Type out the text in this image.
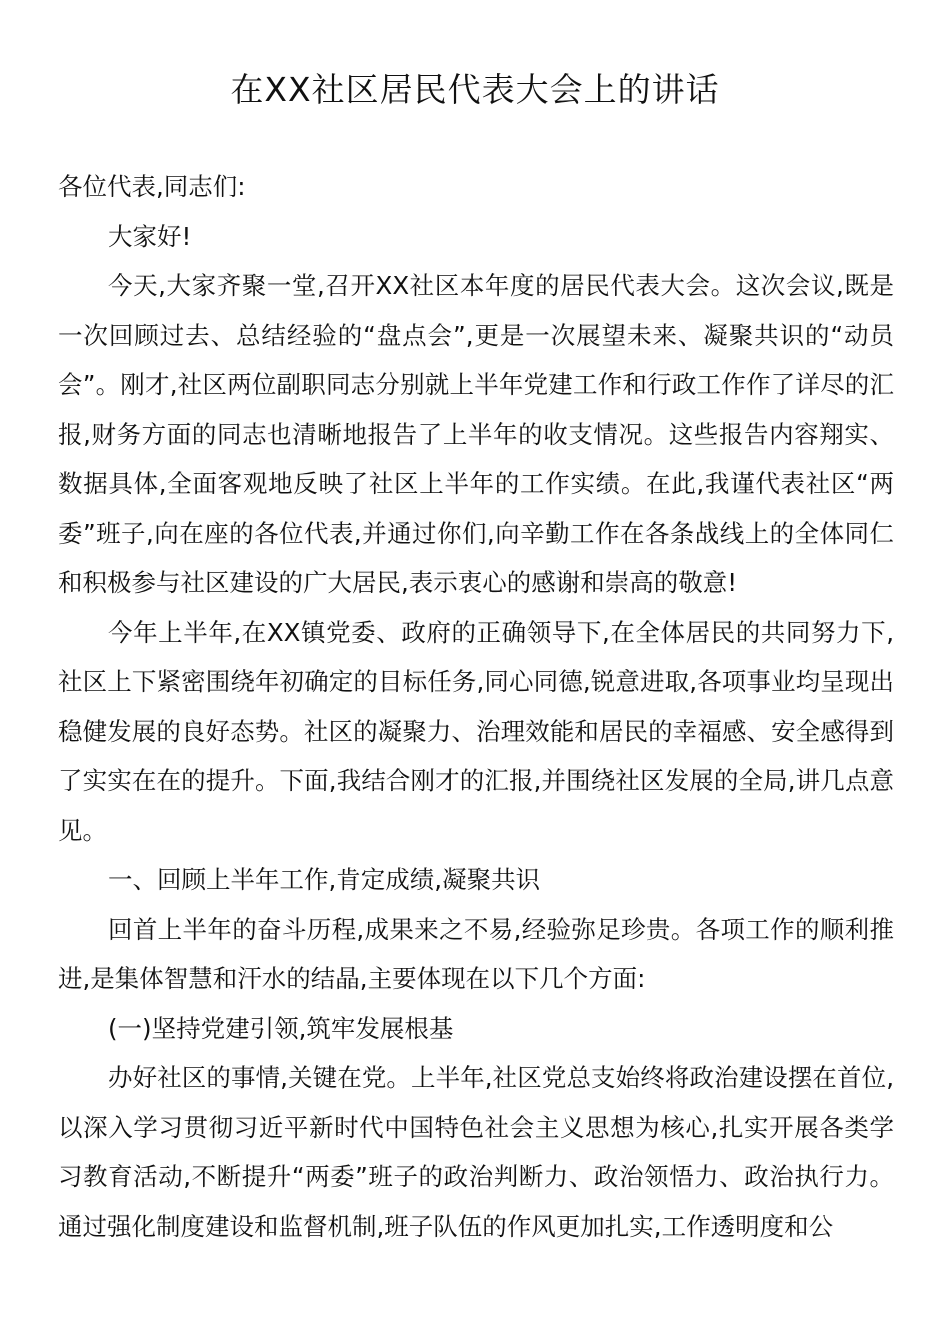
在XX社区居民代表大会上的讲话

各位代表,同志们:

大家好!

今天,大家齐聚一堂,召开XX社区本年度的居民代表大会。这次会议,既是一次回顾过去、总结经验的“盘点会”,更是一次展望未来、凝聚共识的“动员会”。刚才,社区两位副职同志分别就上半年党建工作和行政工作作了详尽的汇报,财务方面的同志也清晰地报告了上半年的收支情况。这些报告内容翔实、数据具体,全面客观地反映了社区上半年的工作实绩。在此,我谨代表社区“两委”班子,向在座的各位代表,并通过你们,向辛勤工作在各条战线上的全体同仁和积极参与社区建设的广大居民,表示衷心的感谢和崇高的敬意!

今年上半年,在XX镇党委、政府的正确领导下,在全体居民的共同努力下,社区上下紧密围绕年初确定的目标任务,同心同德,锐意进取,各项事业均呈现出稳健发展的良好态势。社区的凝聚力、治理效能和居民的幸福感、安全感得到了实实在在的提升。下面,我结合刚才的汇报,并围绕社区发展的全局,讲几点意见。

一、回顾上半年工作,肯定成绩,凝聚共识

回首上半年的奋斗历程,成果来之不易,经验弥足珍贵。各项工作的顺利推进,是集体智慧和汗水的结晶,主要体现在以下几个方面:

(一)坚持党建引领,筑牢发展根基

办好社区的事情,关键在党。上半年,社区党总支始终将政治建设摆在首位,以深入学习贯彻习近平新时代中国特色社会主义思想为核心,扎实开展各类学习教育活动,不断提升“两委”班子的政治判断力、政治领悟力、政治执行力。通过强化制度建设和监督机制,班子队伍的作风更加扎实,工作透明度和公
